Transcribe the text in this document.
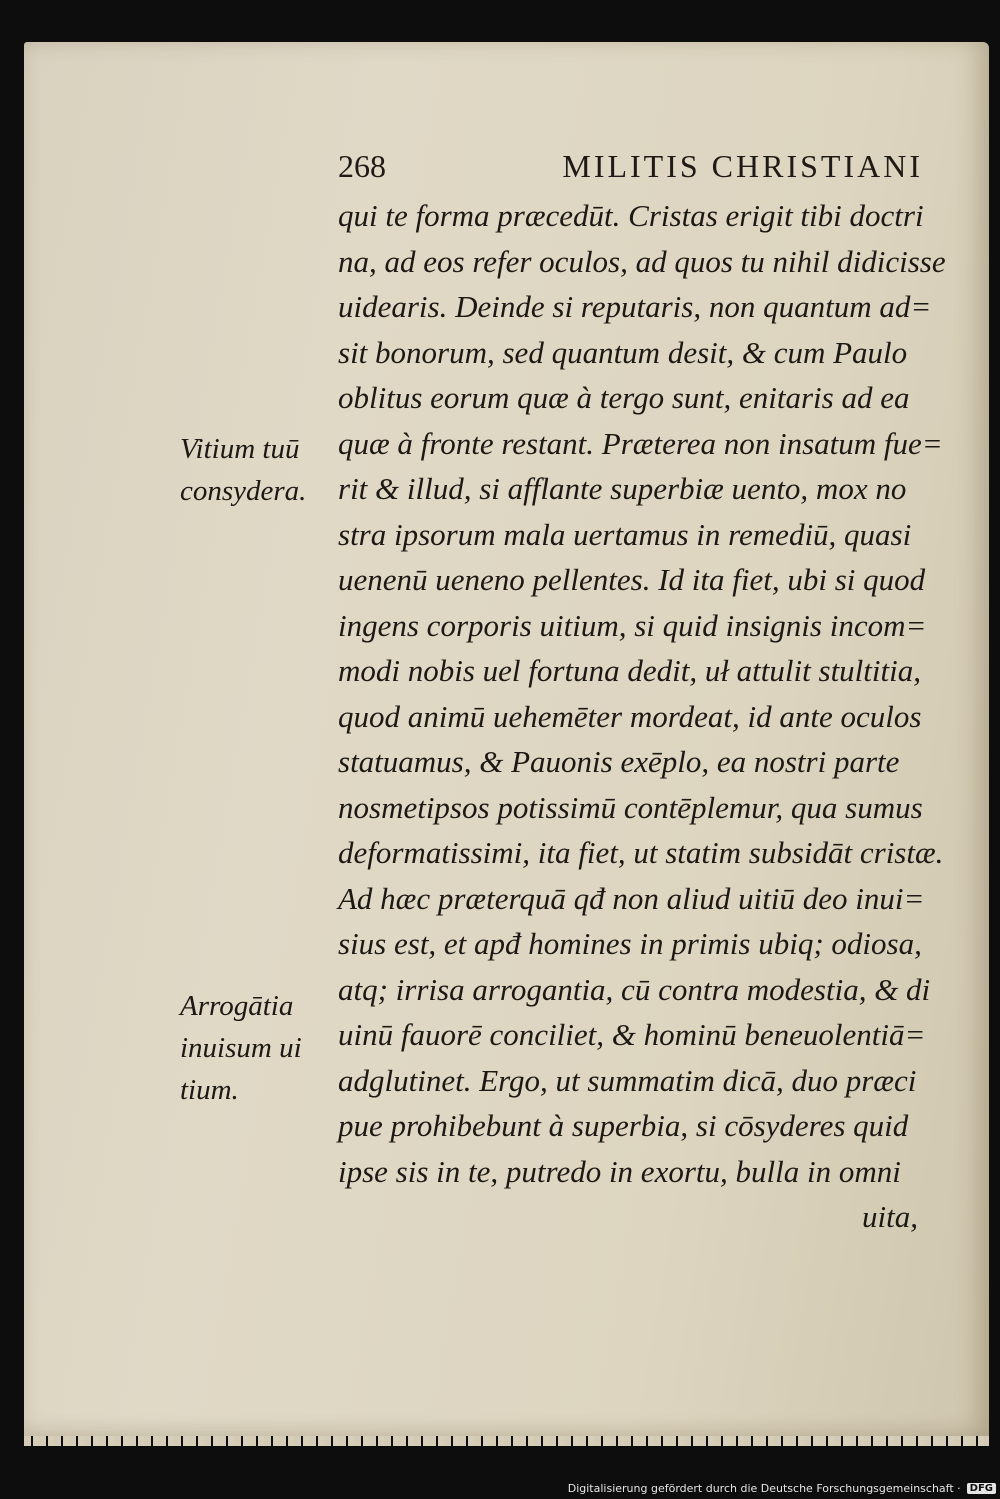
268	MILITIS CHRISTIANI
Vitium tuū
consydera.
Arrogātia
inuisum ui
tium.
qui te forma præcedūt. Cristas erigit tibi doctri
na, ad eos refer oculos, ad quos tu nihil didicisse
uidearis. Deinde si reputaris, non quantum ad=
sit bonorum, sed quantum desit, & cum Paulo
oblitus eorum quæ à tergo sunt, enitaris ad ea
quæ à fronte restant. Præterea non insatum fue=
rit & illud, si afflante superbiæ uento, mox no
stra ipsorum mala uertamus in remediū, quasi
uenenū ueneno pellentes. Id ita fiet, ubi si quod
ingens corporis uitium, si quid insignis incom=
modi nobis uel fortuna dedit, uł attulit stultitia,
quod animū uehemēter mordeat, id ante oculos
statuamus, & Pauonis exēplo, ea nostri parte
nosmetipsos potissimū contēplemur, qua sumus
deformatissimi, ita fiet, ut statim subsidāt cristæ.
Ad hæc præterquā qđ non aliud uitiū deo inui=
sius est, et apđ homines in primis ubiq; odiosa,
atq; irrisa arrogantia, cū contra modestia, & di
uinū fauorē conciliet, & hominū beneuolentiā=
adglutinet. Ergo, ut summatim dicā, duo præci
pue prohibebunt à superbia, si cōsyderes quid
ipse sis in te, putredo in exortu, bulla in omni
uita,
Digitalisierung gefördert durch die Deutsche Forschungsgemeinschaft · DFG
